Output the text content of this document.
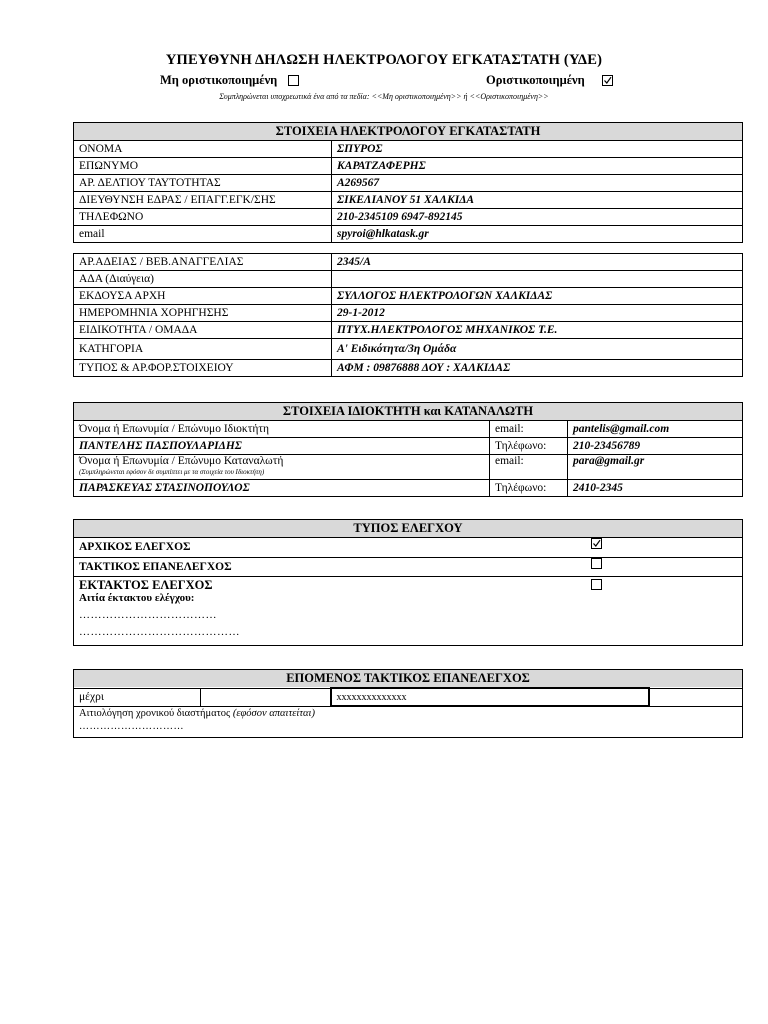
ΥΠΕΥΘΥΝΗ ΔΗΛΩΣΗ ΗΛΕΚΤΡΟΛΟΓΟΥ ΕΓΚΑΤΑΣΤΑΤΗ (ΥΔΕ)
Μη οριστικοποιημένη	Οριστικοποιημένη
Συμπληρώνεται υποχρεωτικά ένα από τα πεδία: <<Μη οριστικοποιημένη>> ή <<Οριστικοποιημένη>>
ΣΤΟΙΧΕΙΑ ΗΛΕΚΤΡΟΛΟΓΟΥ ΕΓΚΑΤΑΣΤΑΤΗ	
ΟΝΟΜΑ	ΣΠΥΡΟΣ
ΕΠΩΝΥΜΟ	ΚΑΡΑΤΖΑΦΕΡΗΣ
ΑΡ. ΔΕΛΤΙΟΥ ΤΑΥΤΟΤΗΤΑΣ	Α269567
ΔΙΕΥΘΥΝΣΗ ΕΔΡΑΣ / ΕΠΑΓΓ.ΕΓΚ/ΣΗΣ	ΣΙΚΕΛΙΑΝΟΥ 51 ΧΑΛΚΙΔΑ
ΤΗΛΕΦΩΝΟ	210-2345109 6947-892145
email	spyroi@hlkatask.gr
ΑΡ.ΑΔΕΙΑΣ / ΒΕΒ.ΑΝΑΓΓΕΛΙΑΣ	2345/Α
ΑΔΑ (Διαύγεια)	
ΕΚΔΟΥΣΑ ΑΡΧΗ	ΣΥΛΛΟΓΟΣ ΗΛΕΚΤΡΟΛΟΓΩΝ ΧΑΛΚΙΔΑΣ
ΗΜΕΡΟΜΗΝΙΑ ΧΟΡΗΓΗΣΗΣ	29-1-2012
ΕΙΔΙΚΟΤΗΤΑ / ΟΜΑΔΑ	ΠΤΥΧ.ΗΛΕΚΤΡΟΛΟΓΟΣ ΜΗΧΑΝΙΚΟΣ Τ.Ε.
ΚΑΤΗΓΟΡΙΑ	Α' Ειδικότητα/3η Ομάδα
ΤΥΠΟΣ & ΑΡ.ΦΟΡ.ΣΤΟΙΧΕΙΟΥ	ΑΦΜ : 09876888 ΔΟΥ : ΧΑΛΚΙΔΑΣ
ΣΤΟΙΧΕΙΑ ΙΔΙΟΚΤΗΤΗ και ΚΑΤΑΝΑΛΩΤΗ		
Όνομα ή Επωνυμία / Επώνυμο Ιδιοκτήτη	email:	pantelis@gmail.com
ΠΑΝΤΕΛΗΣ ΠΑΣΠΟΥΛΑΡΙΔΗΣ	Τηλέφωνο:	210-23456789

Όνομα ή Επωνυμία / Επώνυμο Καταναλωτή
(Συμπληρώνεται εφόσον δε συμπίπτει με τα στοιχεία του Ιδιοκτήτη)	email:	para@gmail.gr
ΠΑΡΑΣΚΕΥΑΣ ΣΤΑΣΙΝΟΠΟΥΛΟΣ	Τηλέφωνο:	2410-2345
ΤΥΠΟΣ ΕΛΕΓΧΟΥ	
ΑΡΧΙΚΟΣ ΕΛΕΓΧΟΣ	

ΤΑΚΤΙΚΟΣ ΕΠΑΝΕΛΕΓΧΟΣ	

ΕΚΤΑΚΤΟΣ ΕΛΕΓΧΟΣ
Αιτία έκτακτου ελέγχου:
………………………………
……………………………………	

ΕΠΟΜΕΝΟΣ ΤΑΚΤΙΚΟΣ ΕΠΑΝΕΛΕΓΧΟΣ
μέχρι		xxxxxxxxxxxxxx	

Αιτιολόγηση χρονικού διαστήματος (εφόσον απαιτείται)
…………………………
